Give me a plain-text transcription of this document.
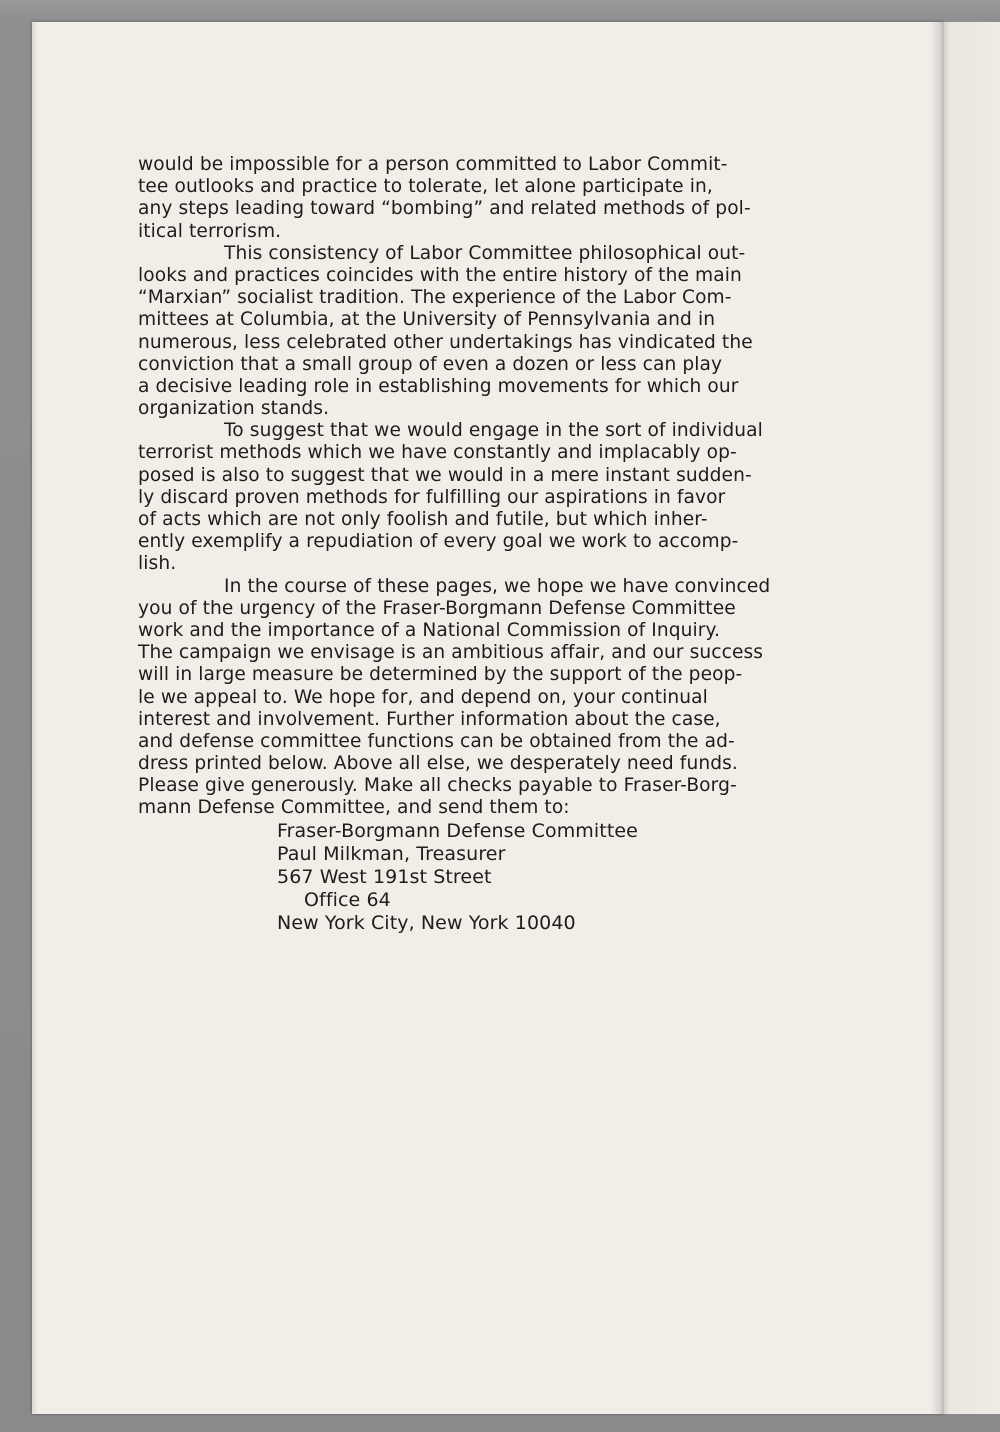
would be impossible for a person committed to Labor Commit-
tee outlooks and practice to tolerate, let alone participate in,
any steps leading toward “bombing” and related methods of pol-
itical terrorism.
This consistency of Labor Committee philosophical out-
looks and practices coincides with the entire history of the main
“Marxian” socialist tradition. The experience of the Labor Com-
mittees at Columbia, at the University of Pennsylvania and in
numerous, less celebrated other undertakings has vindicated the
conviction that a small group of even a dozen or less can play
a decisive leading role in establishing movements for which our
organization stands.
To suggest that we would engage in the sort of individual
terrorist methods which we have constantly and implacably op-
posed is also to suggest that we would in a mere instant sudden-
ly discard proven methods for fulfilling our aspirations in favor
of acts which are not only foolish and futile, but which inher-
ently exemplify a repudiation of every goal we work to accomp-
lish.
In the course of these pages, we hope we have convinced
you of the urgency of the Fraser-Borgmann Defense Committee
work and the importance of a National Commission of Inquiry.
The campaign we envisage is an ambitious affair, and our success
will in large measure be determined by the support of the peop-
le we appeal to. We hope for, and depend on, your continual
interest and involvement. Further information about the case,
and defense committee functions can be obtained from the ad-
dress printed below. Above all else, we desperately need funds.
Please give generously. Make all checks payable to Fraser-Borg-
mann Defense Committee, and send them to:
Fraser-Borgmann Defense Committee
Paul Milkman, Treasurer
567 West 191st Street
Office 64
New York City, New York 10040
